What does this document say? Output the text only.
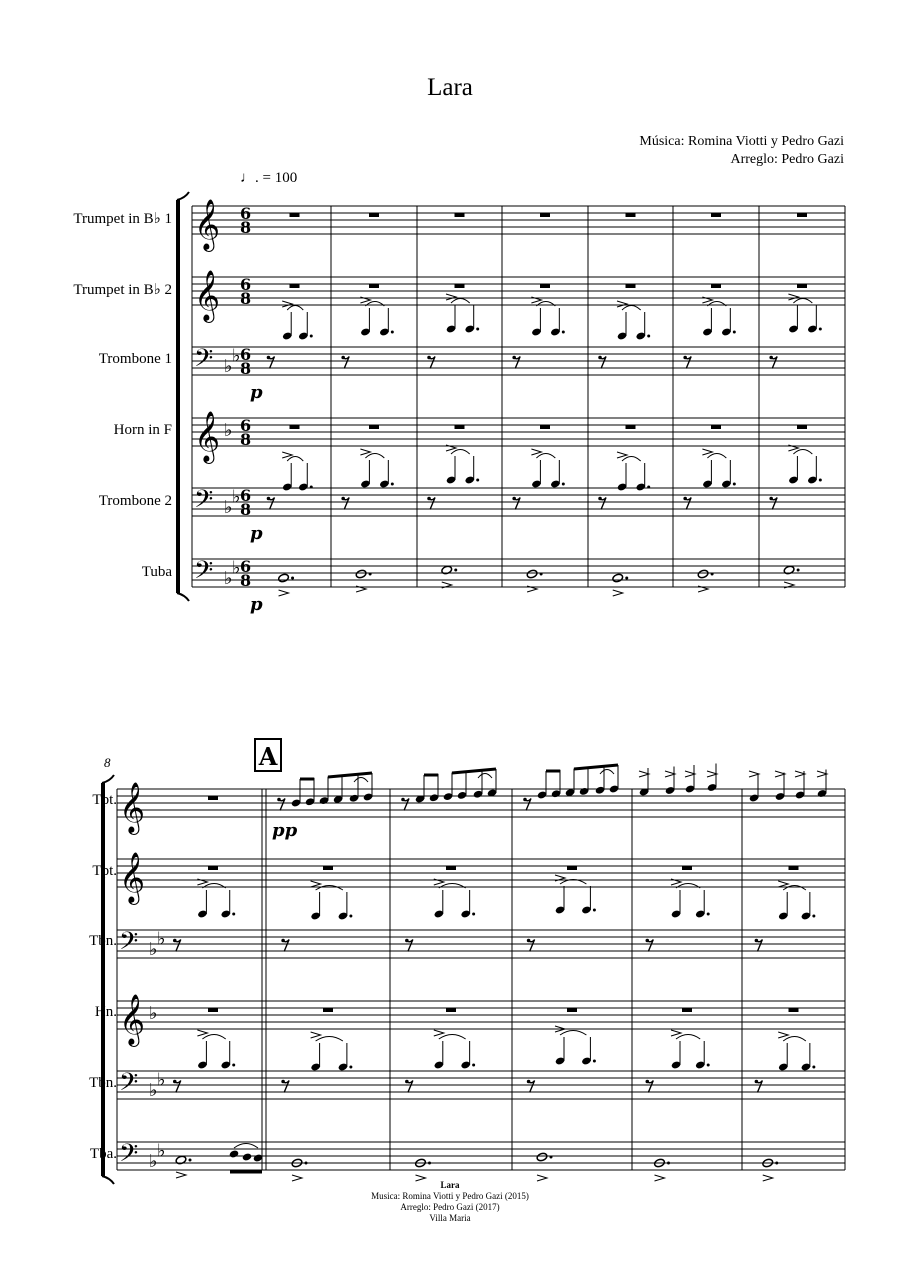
Lara
Música: Romina Viotti y Pedro Gazi
Arreglo: Pedro Gazi
♩. = 100
Trumpet in B♭ 1
Trumpet in B♭ 2
Trombone 1
Horn in F
Trombone 2
Tuba
Tpt.
Tpt.
Tbn.
Hn.
Tbn.
Tba.
p
p
p
pp
A
8
𝄞 6
8
𝄞 6
8
𝄢 ♭ ♭ 6
8
𝄞 ♭ 6
8
𝄢 ♭ ♭ 6
8
𝄢 ♭ ♭ 6
8
𝄞
𝄞
𝄢 ♭ ♭
𝄞 ♭
𝄢 ♭ ♭
𝄢 ♭ ♭
Lara
Musica: Romina Viotti y Pedro Gazi (2015)
Arreglo: Pedro Gazi (2017)
Villa Maria
